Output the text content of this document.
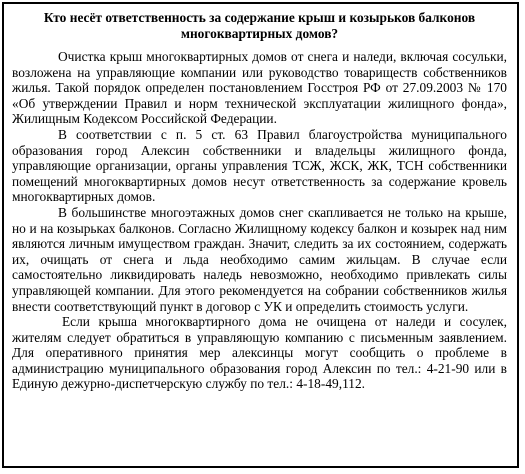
Кто несёт ответственность за содержание крыш и козырьков балконов
многоквартирных домов?

Очистка крыш многоквартирных домов от снега и наледи, включая сосульки, возложена на управляющие компании или руководство товариществ собственников жилья. Такой порядок определен постановлением Госстроя РФ от 27.09.2003 № 170 «Об утверждении Правил и норм технической эксплуатации жилищного фонда», Жилищным Кодексом Российской Федерации.

В соответствии с п. 5 ст. 63 Правил благоустройства муниципального образования город Алексин собственники и владельцы жилищного фонда, управляющие организации, органы управления ТСЖ, ЖСК, ЖК, ТСН собственники помещений многоквартирных домов несут ответственность за содержание кровель многоквартирных домов.

В большинстве многоэтажных домов снег скапливается не только на крыше, но и на козырьках балконов. Согласно Жилищному кодексу балкон и козырек над ним являются личным имуществом граждан. Значит, следить за их состоянием, содержать их, очищать от снега и льда необходимо самим жильцам. В случае если самостоятельно ликвидировать наледь невозможно, необходимо привлекать силы управляющей компании. Для этого рекомендуется на собрании собственников жилья внести соответствующий пункт в договор с УК и определить стоимость услуги.

Если крыша многоквартирного дома не очищена от наледи и сосулек, жителям следует обратиться в управляющую компанию с письменным заявлением. Для оперативного принятия мер алексинцы могут сообщить о проблеме в администрацию муниципального образования город Алексин по тел.: 4-21-90 или в Единую дежурно-диспетчерскую службу по тел.: 4-18-49,112.
